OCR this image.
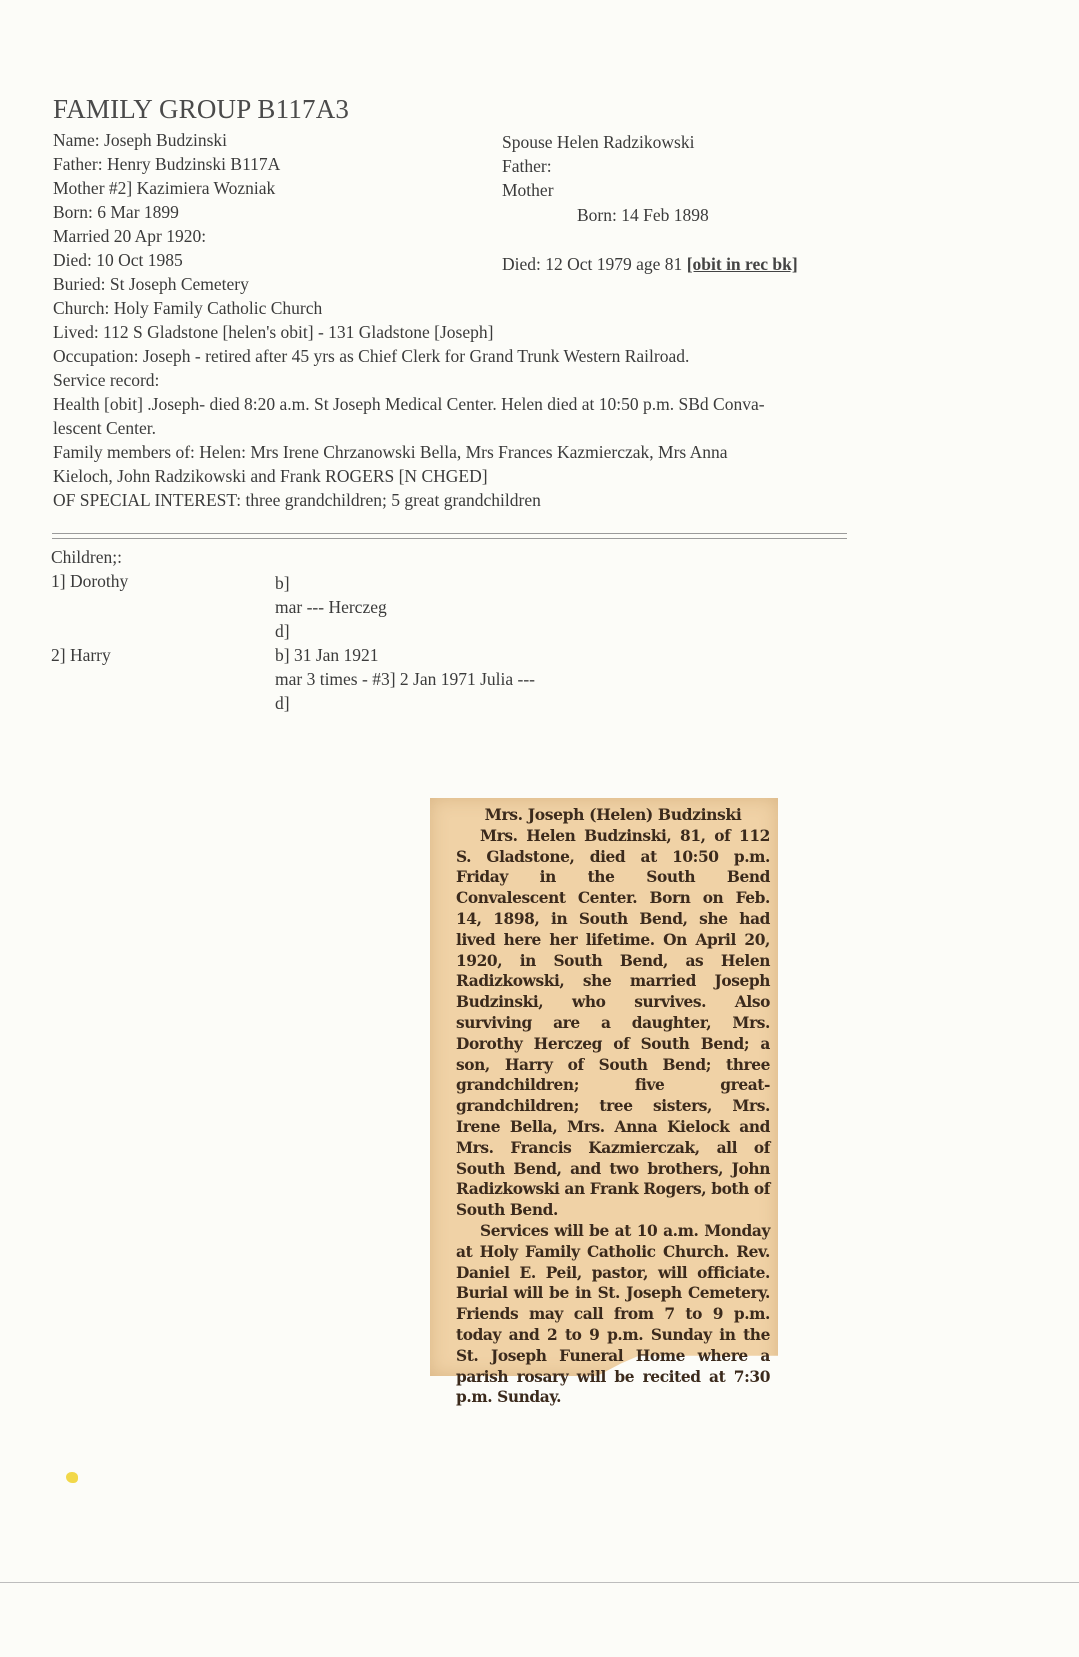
FAMILY GROUP B117A3
Name: Joseph Budzinski
Father: Henry Budzinski B117A
Mother #2] Kazimiera Wozniak
Born: 6 Mar 1899
Married 20 Apr 1920:
Died: 10 Oct 1985
Buried: St Joseph Cemetery
Church: Holy Family Catholic Church
Spouse Helen Radzikowski
Father:
Mother
Born: 14 Feb 1898
Died: 12 Oct 1979 age 81 [obit in rec bk]
Lived: 112 S Gladstone [helen's obit] - 131 Gladstone [Joseph]
Occupation: Joseph - retired after 45 yrs as Chief Clerk for Grand Trunk Western Railroad.
Service record:
Health [obit] .Joseph- died 8:20 a.m. St Joseph Medical Center. Helen died at 10:50 p.m. SBd Conva-
lescent Center.
Family members of: Helen: Mrs Irene Chrzanowski Bella, Mrs Frances Kazmierczak, Mrs Anna
Kieloch, John Radzikowski and Frank ROGERS [N CHGED]
OF SPECIAL INTEREST: three grandchildren; 5 great grandchildren
Children;:
1] Dorothy	b]
mar --- Herczeg
d]
2] Harry	b] 31 Jan 1921
mar 3 times - #3] 2 Jan 1971 Julia ---
d]
Mrs. Joseph (Helen) Budzinski

Mrs. Helen Budzinski, 81, of 112 S. Gladstone, died at 10:50 p.m. Friday in the South Bend Convalescent Center. Born on Feb. 14, 1898, in South Bend, she had lived here her lifetime. On April 20, 1920, in South Bend, as Helen Radizkowski, she married Joseph Budzinski, who survives. Also surviving are a daughter, Mrs. Dorothy Herczeg of South Bend; a son, Harry of South Bend; three grandchildren; five great-grandchildren; tree sisters, Mrs. Irene Bella, Mrs. Anna Kielock and Mrs. Francis Kazmierczak, all of South Bend, and two brothers, John Radizkowski an Frank Rogers, both of South Bend.

Services will be at 10 a.m. Monday at Holy Family Catholic Church. Rev. Daniel E. Peil, pastor, will officiate. Burial will be in St. Joseph Cemetery. Friends may call from 7 to 9 p.m. today and 2 to 9 p.m. Sunday in the St. Joseph Funeral Home where a parish rosary will be recited at 7:30 p.m. Sunday.
